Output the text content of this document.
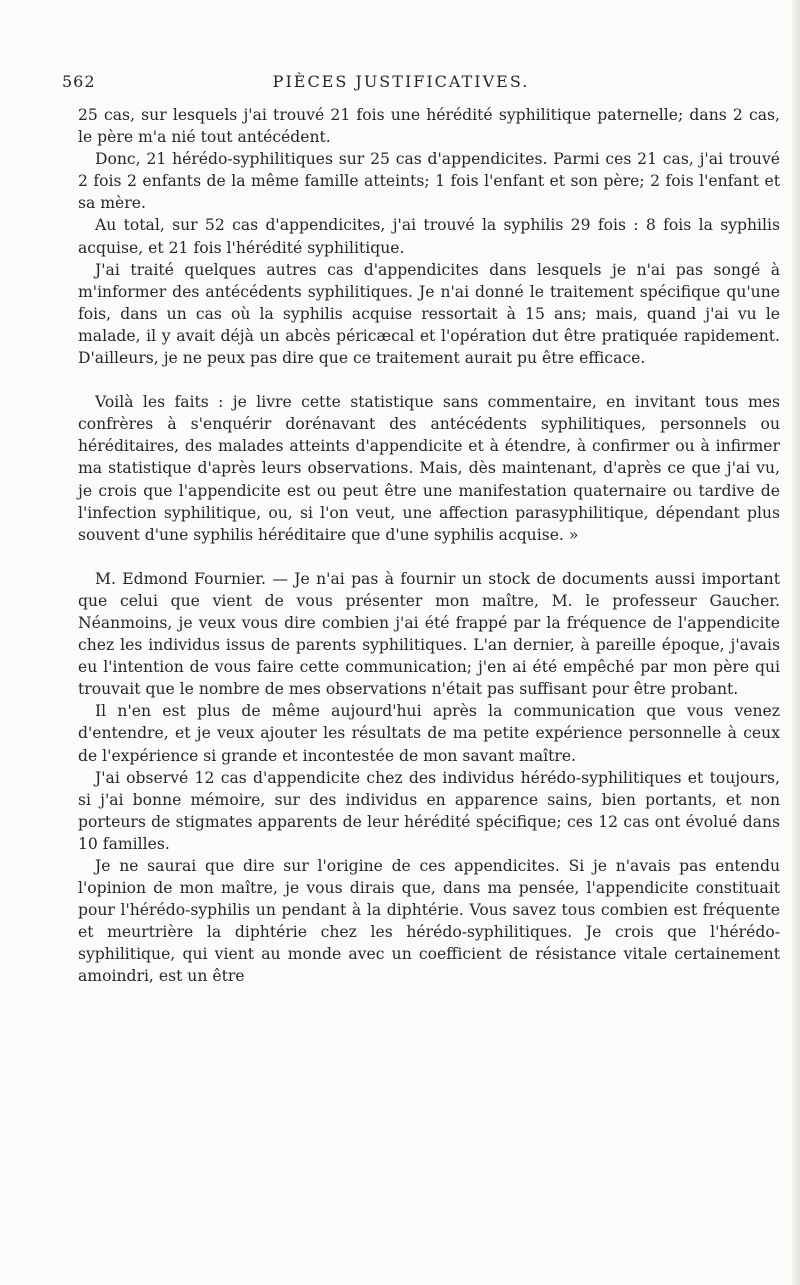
562	PIÈCES JUSTIFICATIVES.

25 cas, sur lesquels j'ai trouvé 21 fois une hérédité syphilitique paternelle; dans 2 cas, le père m'a nié tout antécédent.

Donc, 21 hérédo-syphilitiques sur 25 cas d'appendicites. Parmi ces 21 cas, j'ai trouvé 2 fois 2 enfants de la même famille atteints; 1 fois l'enfant et son père; 2 fois l'enfant et sa mère.

Au total, sur 52 cas d'appendicites, j'ai trouvé la syphilis 29 fois : 8 fois la syphilis acquise, et 21 fois l'hérédité syphilitique.

J'ai traité quelques autres cas d'appendicites dans lesquels je n'ai pas songé à m'informer des antécédents syphilitiques. Je n'ai donné le traitement spécifique qu'une fois, dans un cas où la syphilis acquise ressortait à 15 ans; mais, quand j'ai vu le malade, il y avait déjà un abcès péricæcal et l'opération dut être pratiquée rapidement. D'ailleurs, je ne peux pas dire que ce traitement aurait pu être efficace.

Voilà les faits : je livre cette statistique sans commentaire, en invitant tous mes confrères à s'enquérir dorénavant des antécédents syphilitiques, personnels ou héréditaires, des malades atteints d'appendicite et à étendre, à confirmer ou à infirmer ma statistique d'après leurs observations. Mais, dès maintenant, d'après ce que j'ai vu, je crois que l'appendicite est ou peut être une manifestation quaternaire ou tardive de l'infection syphilitique, ou, si l'on veut, une affection parasyphilitique, dépendant plus souvent d'une syphilis héréditaire que d'une syphilis acquise. »

M. Edmond Fournier. — Je n'ai pas à fournir un stock de documents aussi important que celui que vient de vous présenter mon maître, M. le professeur Gaucher. Néanmoins, je veux vous dire combien j'ai été frappé par la fréquence de l'appendicite chez les individus issus de parents syphilitiques. L'an dernier, à pareille époque, j'avais eu l'intention de vous faire cette communication; j'en ai été empêché par mon père qui trouvait que le nombre de mes observations n'était pas suffisant pour être probant.

Il n'en est plus de même aujourd'hui après la communication que vous venez d'entendre, et je veux ajouter les résultats de ma petite expérience personnelle à ceux de l'expérience si grande et incontestée de mon savant maître.

J'ai observé 12 cas d'appendicite chez des individus hérédo-syphilitiques et toujours, si j'ai bonne mémoire, sur des individus en apparence sains, bien portants, et non porteurs de stigmates apparents de leur hérédité spécifique; ces 12 cas ont évolué dans 10 familles.

Je ne saurai que dire sur l'origine de ces appendicites. Si je n'avais pas entendu l'opinion de mon maître, je vous dirais que, dans ma pensée, l'appendicite constituait pour l'hérédo-syphilis un pendant à la diphtérie. Vous savez tous combien est fréquente et meurtrière la diphtérie chez les hérédo-syphilitiques. Je crois que l'hérédo-syphilitique, qui vient au monde avec un coefficient de résistance vitale certainement amoindri, est un être
